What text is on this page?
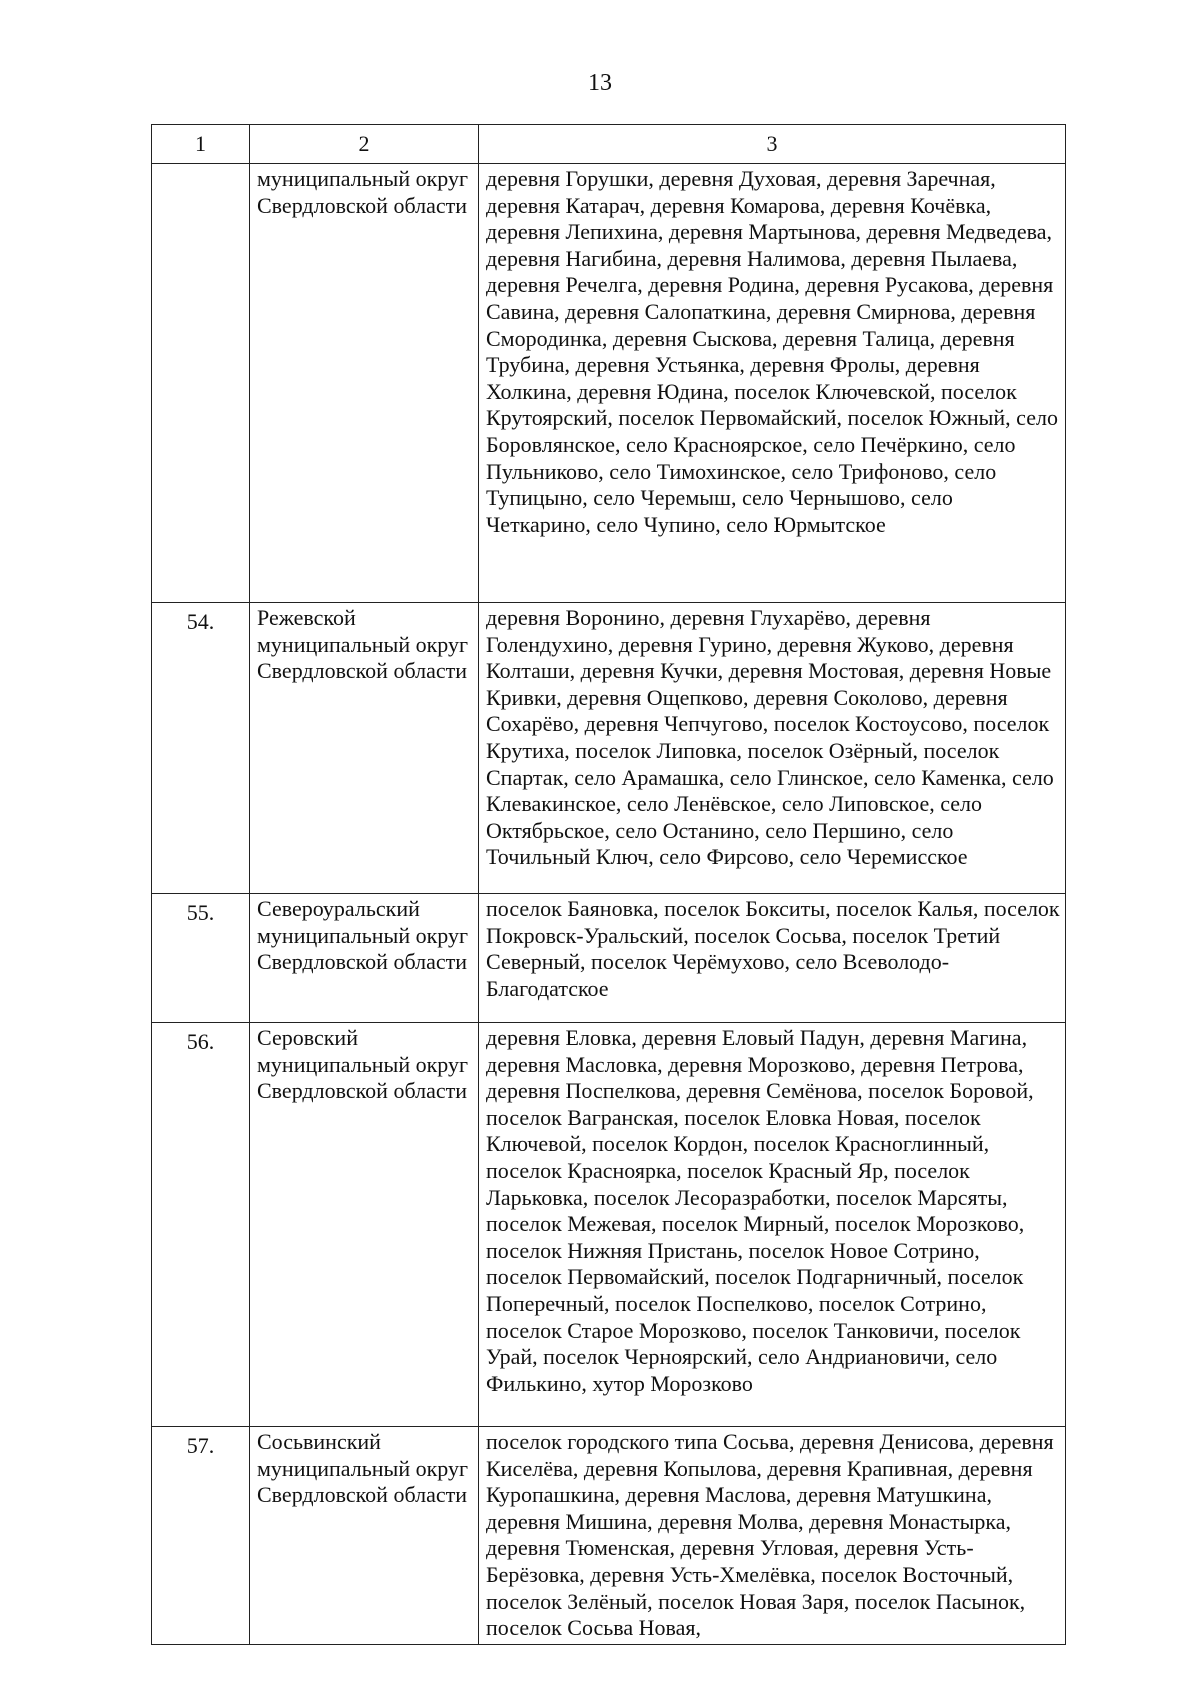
13
1	2	3
	муниципальный округ Свердловской области	деревня Горушки, деревня Духовая, деревня Заречная, деревня Катарач, деревня Комарова, деревня Кочёвка, деревня Лепихина, деревня Мартынова, деревня Медведева, деревня Нагибина, деревня Налимова, деревня Пылаева, деревня Речелга, деревня Родина, деревня Русакова, деревня Савина, деревня Салопаткина, деревня Смирнова, деревня Смородинка, деревня Сыскова, деревня Талица, деревня Трубина, деревня Устьянка, деревня Фролы, деревня Холкина, деревня Юдина, поселок Ключевской, поселок Крутоярский, поселок Первомайский, поселок Южный, село Боровлянское, село Красноярское, село Печёркино, село Пульниково, село Тимохинское, село Трифоново, село Тупицыно, село Черемыш, село Чернышово, село Четкарино, село Чупино, село Юрмытское
54.	Режевской муниципальный округ Свердловской области	деревня Воронино, деревня Глухарёво, деревня Голендухино, деревня Гурино, деревня Жуково, деревня Колташи, деревня Кучки, деревня Мостовая, деревня Новые Кривки, деревня Ощепково, деревня Соколово, деревня Сохарёво, деревня Чепчугово, поселок Костоусово, поселок Крутиха, поселок Липовка, поселок Озёрный, поселок Спартак, село Арамашка, село Глинское, село Каменка, село Клевакинское, село Ленёвское, село Липовское, село Октябрьское, село Останино, село Першино, село Точильный Ключ, село Фирсово, село Черемисское
55.	Североуральский муниципальный округ Свердловской области	поселок Баяновка, поселок Бокситы, поселок Калья, поселок Покровск-Уральский, поселок Сосьва, поселок Третий Северный, поселок Черёмухово, село Всеволодо-Благодатское
56.	Серовский муниципальный округ Свердловской области	деревня Еловка, деревня Еловый Падун, деревня Магина, деревня Масловка, деревня Морозково, деревня Петрова, деревня Поспелкова, деревня Семёнова, поселок Боровой, поселок Вагранская, поселок Еловка Новая, поселок Ключевой, поселок Кордон, поселок Красноглинный, поселок Красноярка, поселок Красный Яр, поселок Ларьковка, поселок Лесоразработки, поселок Марсяты, поселок Межевая, поселок Мирный, поселок Морозково, поселок Нижняя Пристань, поселок Новое Сотрино, поселок Первомайский, поселок Подгарничный, поселок Поперечный, поселок Поспелково, поселок Сотрино, поселок Старое Морозково, поселок Танковичи, поселок Урай, поселок Черноярский, село Андриановичи, село Филькино, хутор Морозково
57.	Сосьвинский муниципальный округ Свердловской области	поселок городского типа Сосьва, деревня Денисова, деревня Киселёва, деревня Копылова, деревня Крапивная, деревня Куропашкина, деревня Маслова, деревня Матушкина, деревня Мишина, деревня Молва, деревня Монастырка, деревня Тюменская, деревня Угловая, деревня Усть-Берёзовка, деревня Усть-Хмелёвка, поселок Восточный, поселок Зелёный, поселок Новая Заря, поселок Пасынок, поселок Сосьва Новая,
